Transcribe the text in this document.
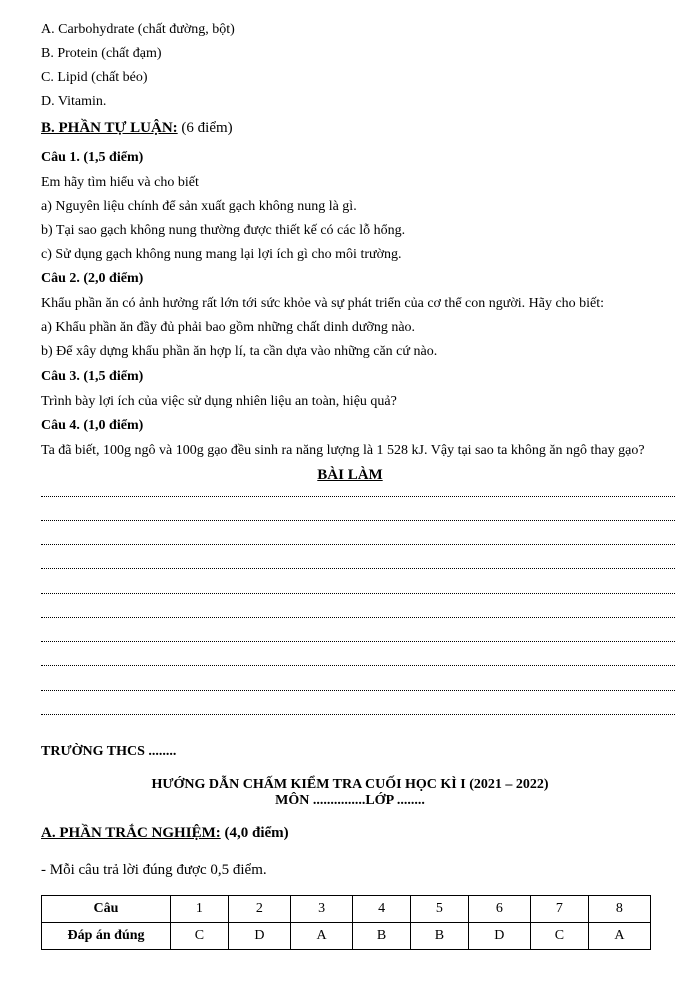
A. Carbohydrate (chất đường, bột)
B. Protein (chất đạm)
C. Lipid (chất béo)
D. Vitamin.
B. PHẦN TỰ LUẬN: (6 điểm)
Câu 1. (1,5 điểm)
Em hãy tìm hiểu và cho biết
a) Nguyên liệu chính để sản xuất gạch không nung là gì.
b) Tại sao gạch không nung thường được thiết kế có các lỗ hổng.
c) Sử dụng gạch không nung mang lại lợi ích gì cho môi trường.
Câu 2. (2,0 điểm)
Khẩu phần ăn có ảnh hưởng rất lớn tới sức khỏe và sự phát triển của cơ thể con người. Hãy cho biết:
a) Khẩu phần ăn đầy đủ phải bao gồm những chất dinh dưỡng nào.
b) Để xây dựng khẩu phần ăn hợp lí, ta cần dựa vào những căn cứ nào.
Câu 3. (1,5 điểm)
Trình bày lợi ích của việc sử dụng nhiên liệu an toàn, hiệu quả?
Câu 4. (1,0 điểm)
Ta đã biết, 100g ngô và 100g gạo đều sinh ra năng lượng là 1 528 kJ. Vậy tại sao ta không ăn ngô thay gạo?
BÀI LÀM
TRƯỜNG THCS ........
HƯỚNG DẪN CHẤM KIỂM TRA CUỐI HỌC KÌ I (2021 – 2022)
MÔN ...............LỚP ........
A. PHẦN TRẮC NGHIỆM: (4,0 điểm)
- Mỗi câu trả lời đúng được 0,5 điểm.
Câu	1	2	3	4	5	6	7	8
Đáp án đúng	C	D	A	B	B	D	C	A
